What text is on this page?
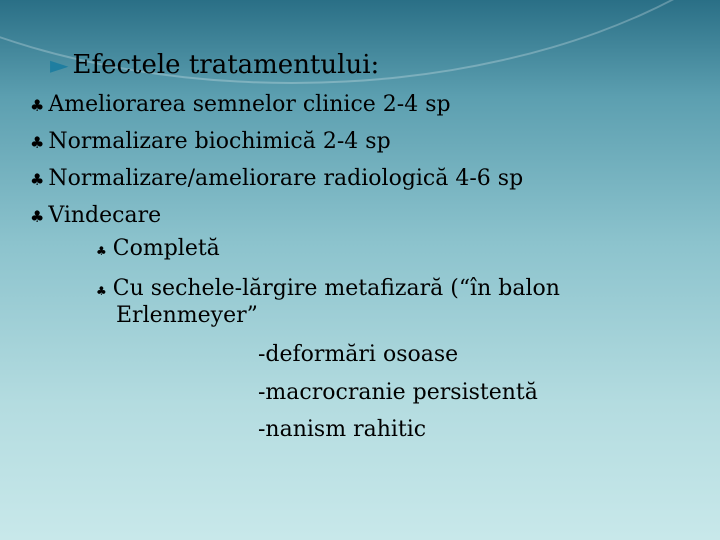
► Efectele tratamentului:
♣ Ameliorarea semnelor clinice 2-4 sp
♣ Normalizare biochimică 2-4 sp
♣ Normalizare/ameliorare radiologică 4-6 sp
♣ Vindecare
♣ Completă
♣ Cu sechele-lărgire metafizară (“în balon
Erlenmeyer”
-deformări osoase
-macrocranie persistentă
-nanism rahitic
